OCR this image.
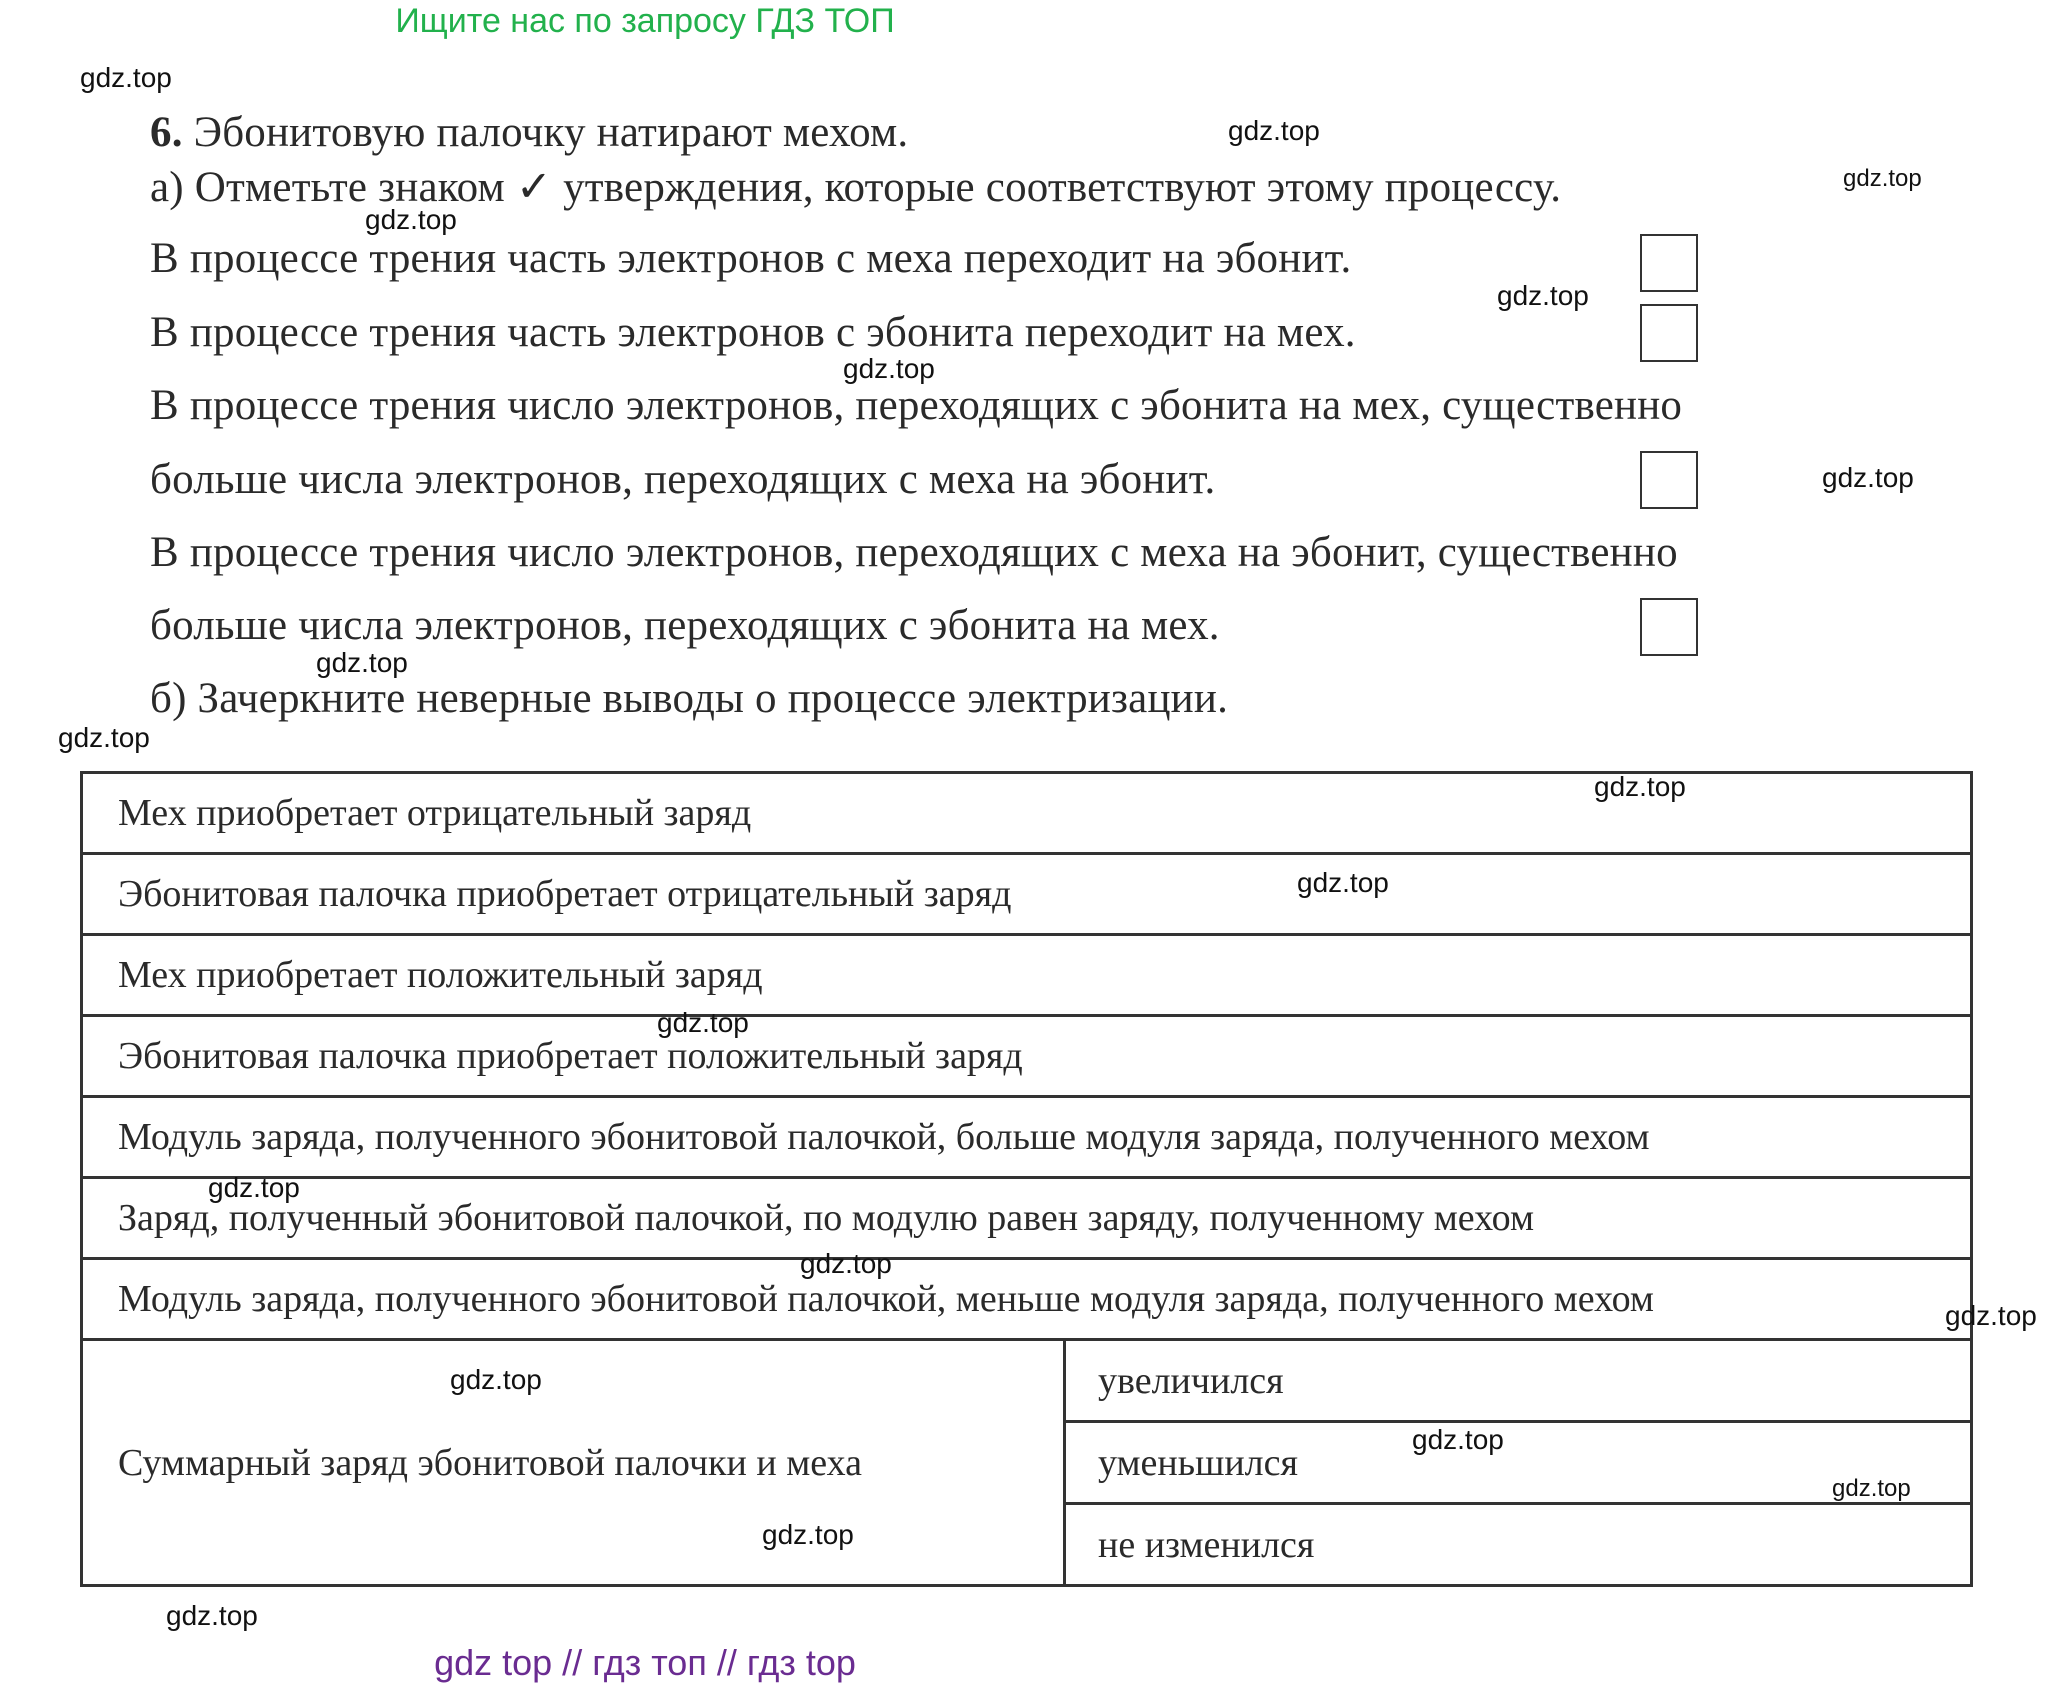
Ищите нас по запросу ГДЗ ТОП
6. Эбонитовую палочку натирают мехом.
а) Отметьте знаком ✓ утверждения, которые соответствуют этому процессу.
В процессе трения часть электронов с меха переходит на эбонит.
В процессе трения часть электронов с эбонита переходит на мех.
В процессе трения число электронов, переходящих с эбонита на мех, существенно
больше числа электронов, переходящих с меха на эбонит.
В процессе трения число электронов, переходящих с меха на эбонит, существенно
больше числа электронов, переходящих с эбонита на мех.
б) Зачеркните неверные выводы о процессе электризации.
Мех приобретает отрицательный заряд
Эбонитовая палочка приобретает отрицательный заряд
Мех приобретает положительный заряд
Эбонитовая палочка приобретает положительный заряд
Модуль заряда, полученного эбонитовой палочкой, больше модуля заряда, полученного мехом
Заряд, полученный эбонитовой палочкой, по модулю равен заряду, полученному мехом
Модуль заряда, полученного эбонитовой палочкой, меньше модуля заряда, полученного мехом
Суммарный заряд эбонитовой палочки и меха	увеличился
уменьшился
не изменился
gdz.top
gdz.top
gdz.top
gdz.top
gdz.top
gdz.top
gdz.top
gdz.top
gdz.top
gdz.top
gdz.top
gdz.top
gdz.top
gdz.top
gdz.top
gdz.top
gdz.top
gdz.top
gdz.top
gdz.top
gdz top // гдз топ // гдз top
